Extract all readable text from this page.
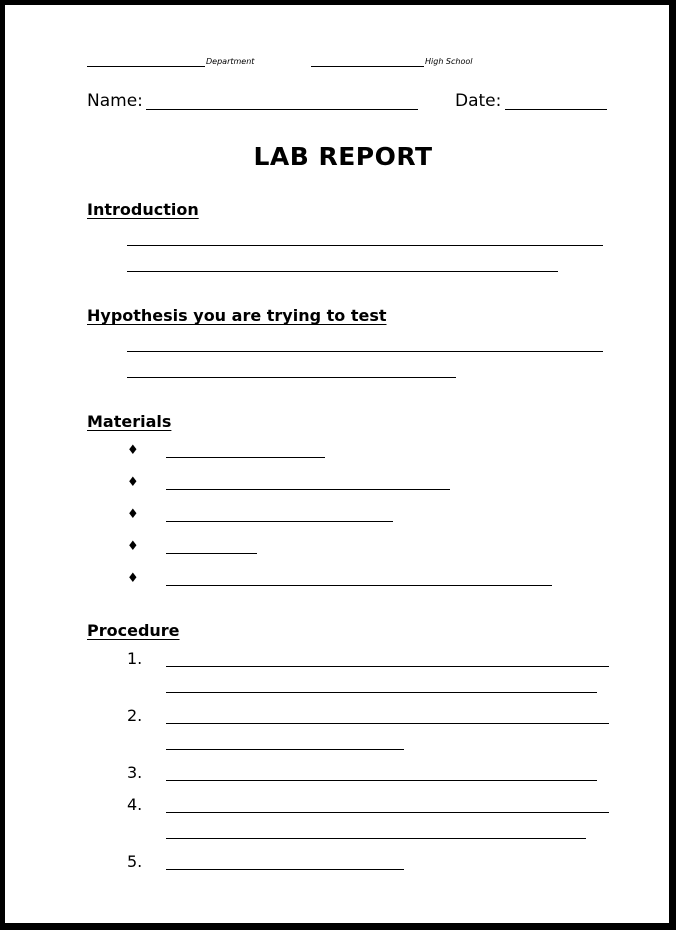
Department	High School
Name:	Date:
LAB REPORT
Introduction
Hypothesis you are trying to test
Materials
♦
♦
♦
♦
♦
Procedure
1.
2.
3.
4.
5.
